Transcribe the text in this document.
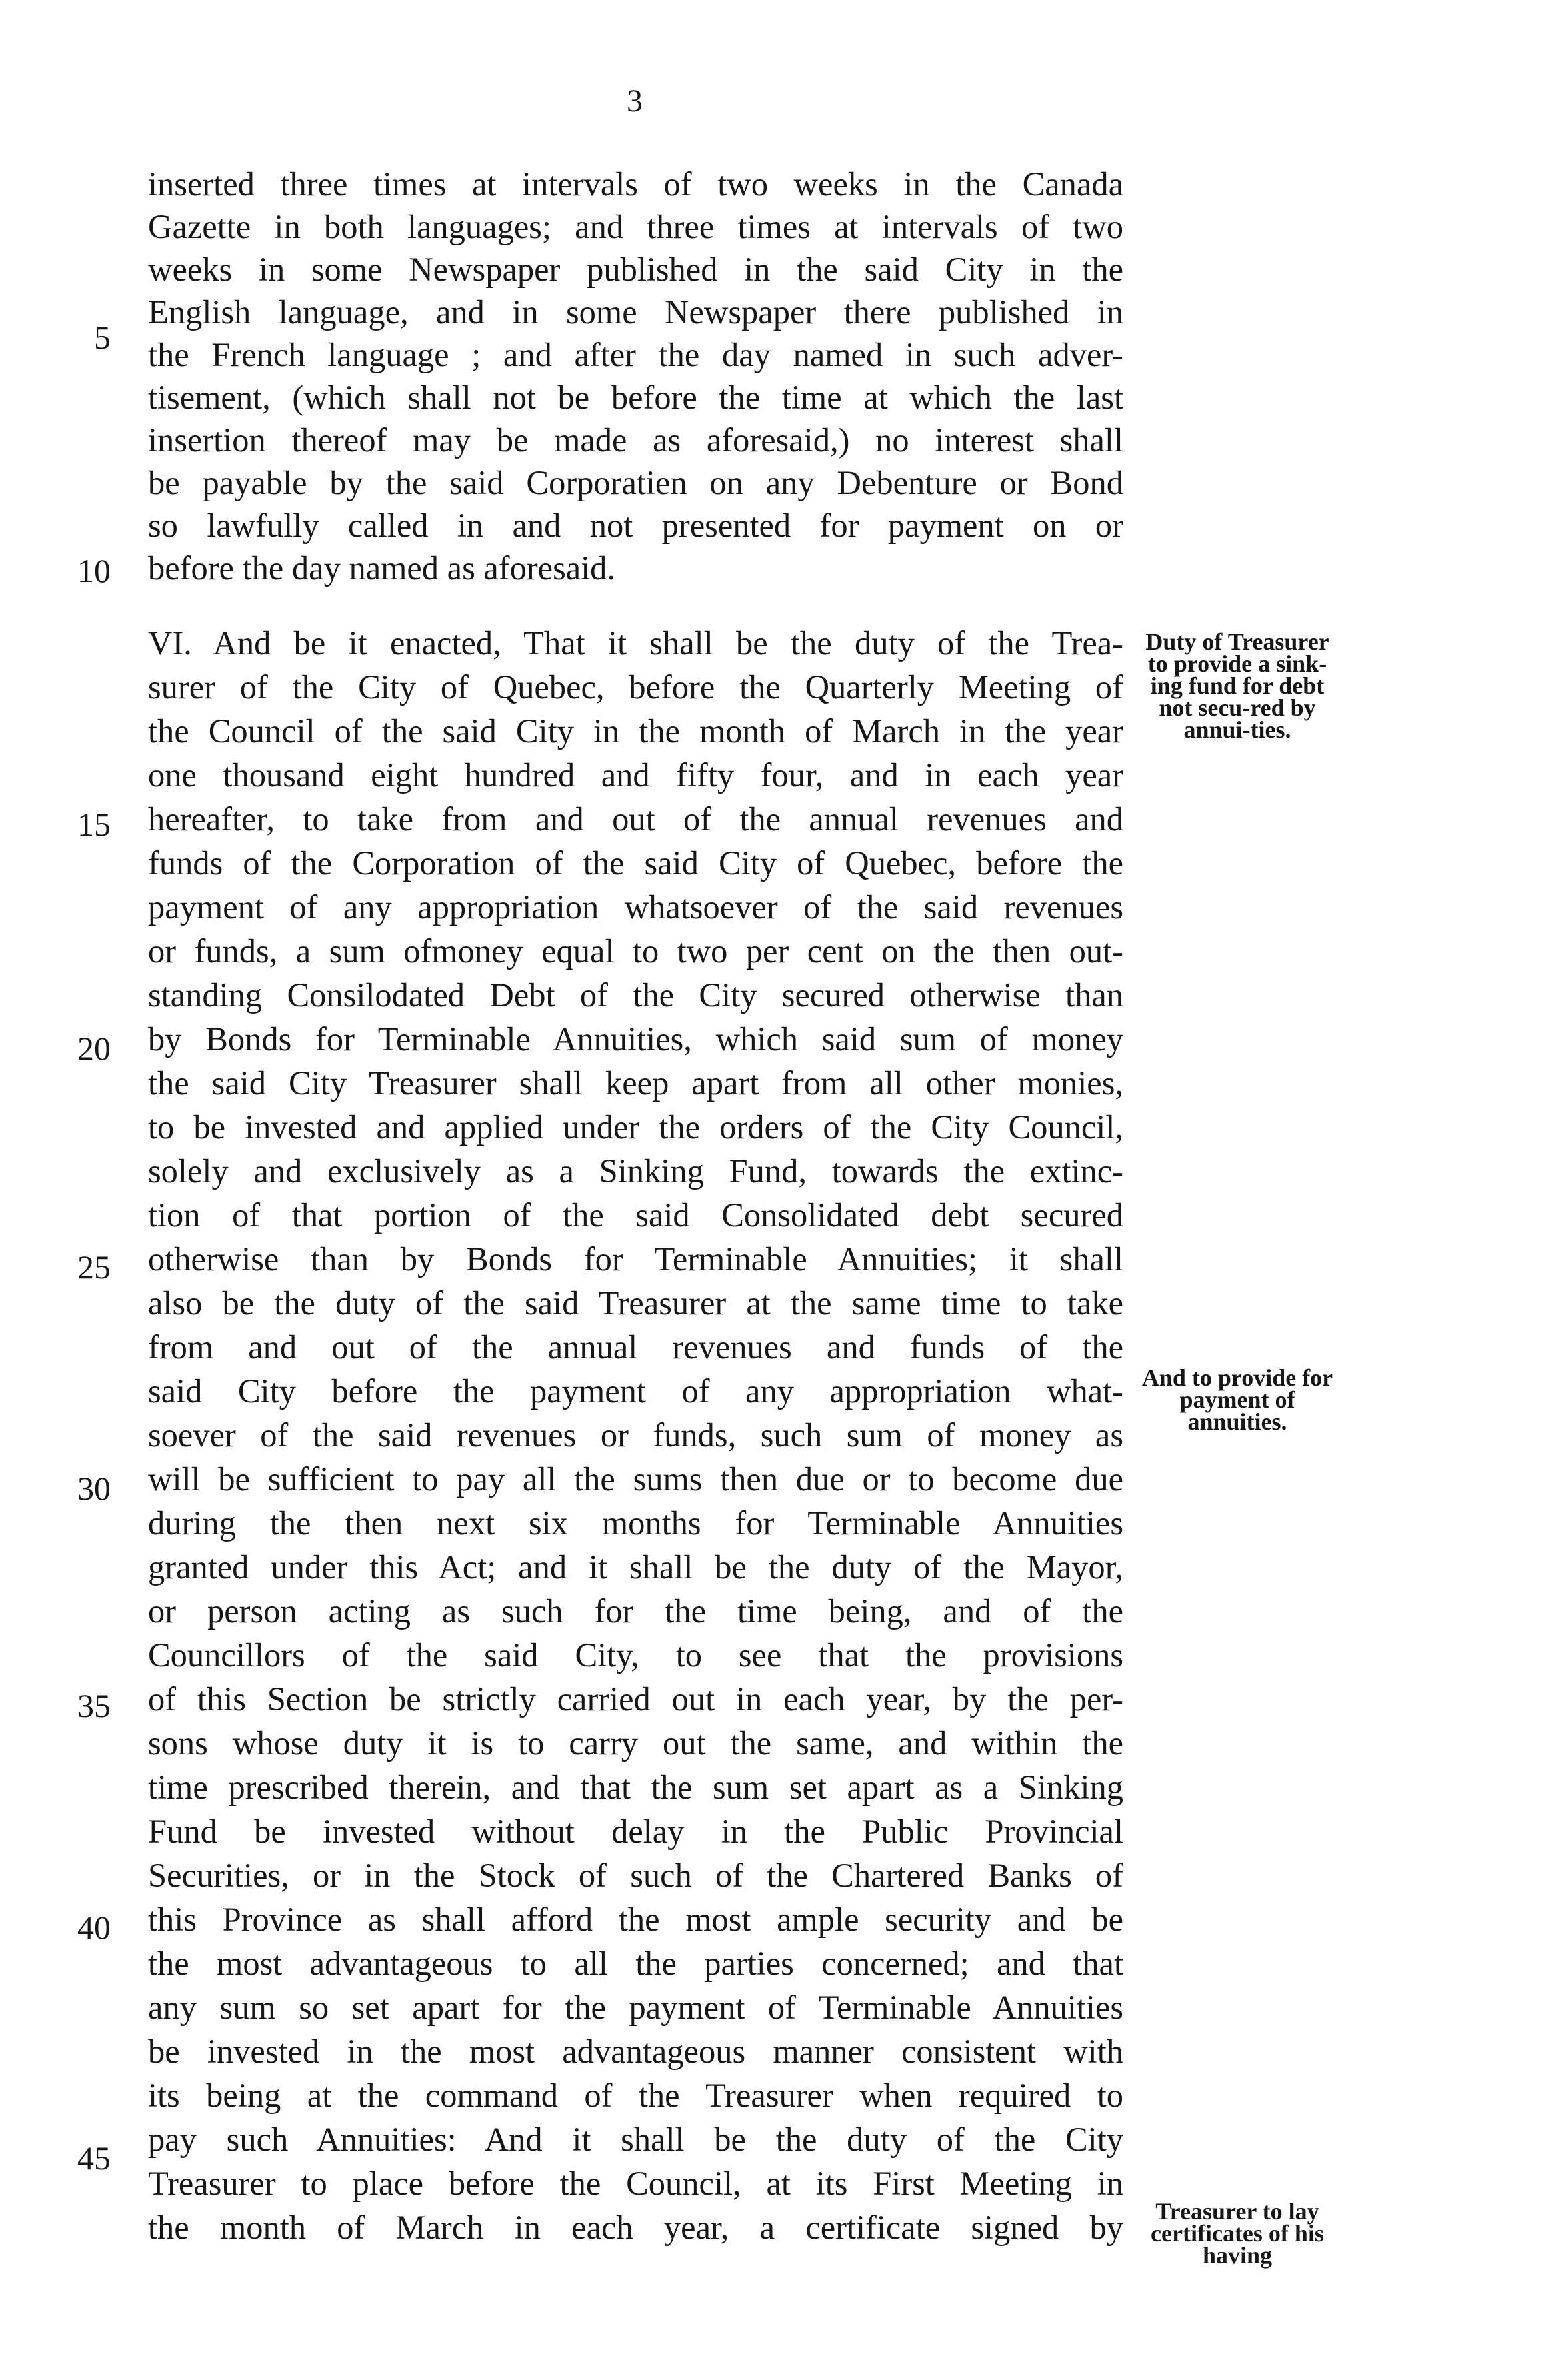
3
inserted three times at intervals of two weeks in the Canada
Gazette in both languages; and three times at intervals of two
weeks in some Newspaper published in the said City in the
English language, and in some Newspaper there published in
the French language ; and after the day named in such adver-
tisement, (which shall not be before the time at which the last
insertion thereof may be made as aforesaid,) no interest shall
be payable by the said Corporatien on any Debenture or Bond
so lawfully called in and not presented for payment on or
before the day named as aforesaid.
VI. And be it enacted, That it shall be the duty of the Trea-
surer of the City of Quebec, before the Quarterly Meeting of
the Council of the said City in the month of March in the year
one thousand eight hundred and fifty four, and in each year
hereafter, to take from and out of the annual revenues and
funds of the Corporation of the said City of Quebec, before the
payment of any appropriation whatsoever of the said revenues
or funds, a sum ofmoney equal to two per cent on the then out-
standing Consilodated Debt of the City secured otherwise than
by Bonds for Terminable Annuities, which said sum of money
the said City Treasurer shall keep apart from all other monies,
to be invested and applied under the orders of the City Council,
solely and exclusively as a Sinking Fund, towards the extinc-
tion of that portion of the said Consolidated debt secured
otherwise than by Bonds for Terminable Annuities; it shall
also be the duty of the said Treasurer at the same time to take
from and out of the annual revenues and funds of the
said City before the payment of any appropriation what-
soever of the said revenues or funds, such sum of money as
will be sufficient to pay all the sums then due or to become due
during the then next six months for Terminable Annuities
granted under this Act; and it shall be the duty of the Mayor,
or person acting as such for the time being, and of the
Councillors of the said City, to see that the provisions
of this Section be strictly carried out in each year, by the per-
sons whose duty it is to carry out the same, and within the
time prescribed therein, and that the sum set apart as a Sinking
Fund be invested without delay in the Public Provincial
Securities, or in the Stock of such of the Chartered Banks of
this Province as shall afford the most ample security and be
the most advantageous to all the parties concerned; and that
any sum so set apart for the payment of Terminable Annuities
be invested in the most advantageous manner consistent with
its being at the command of the Treasurer when required to
pay such Annuities: And it shall be the duty of the City
Treasurer to place before the Council, at its First Meeting in
the month of March in each year, a certificate signed by
5
10
15
20
25
30
35
40
45
Duty of Treasurer to provide a sink-ing fund for debt not secu-red by annui-ties.
And to provide for payment of annuities.
Treasurer to lay certificates of his having
